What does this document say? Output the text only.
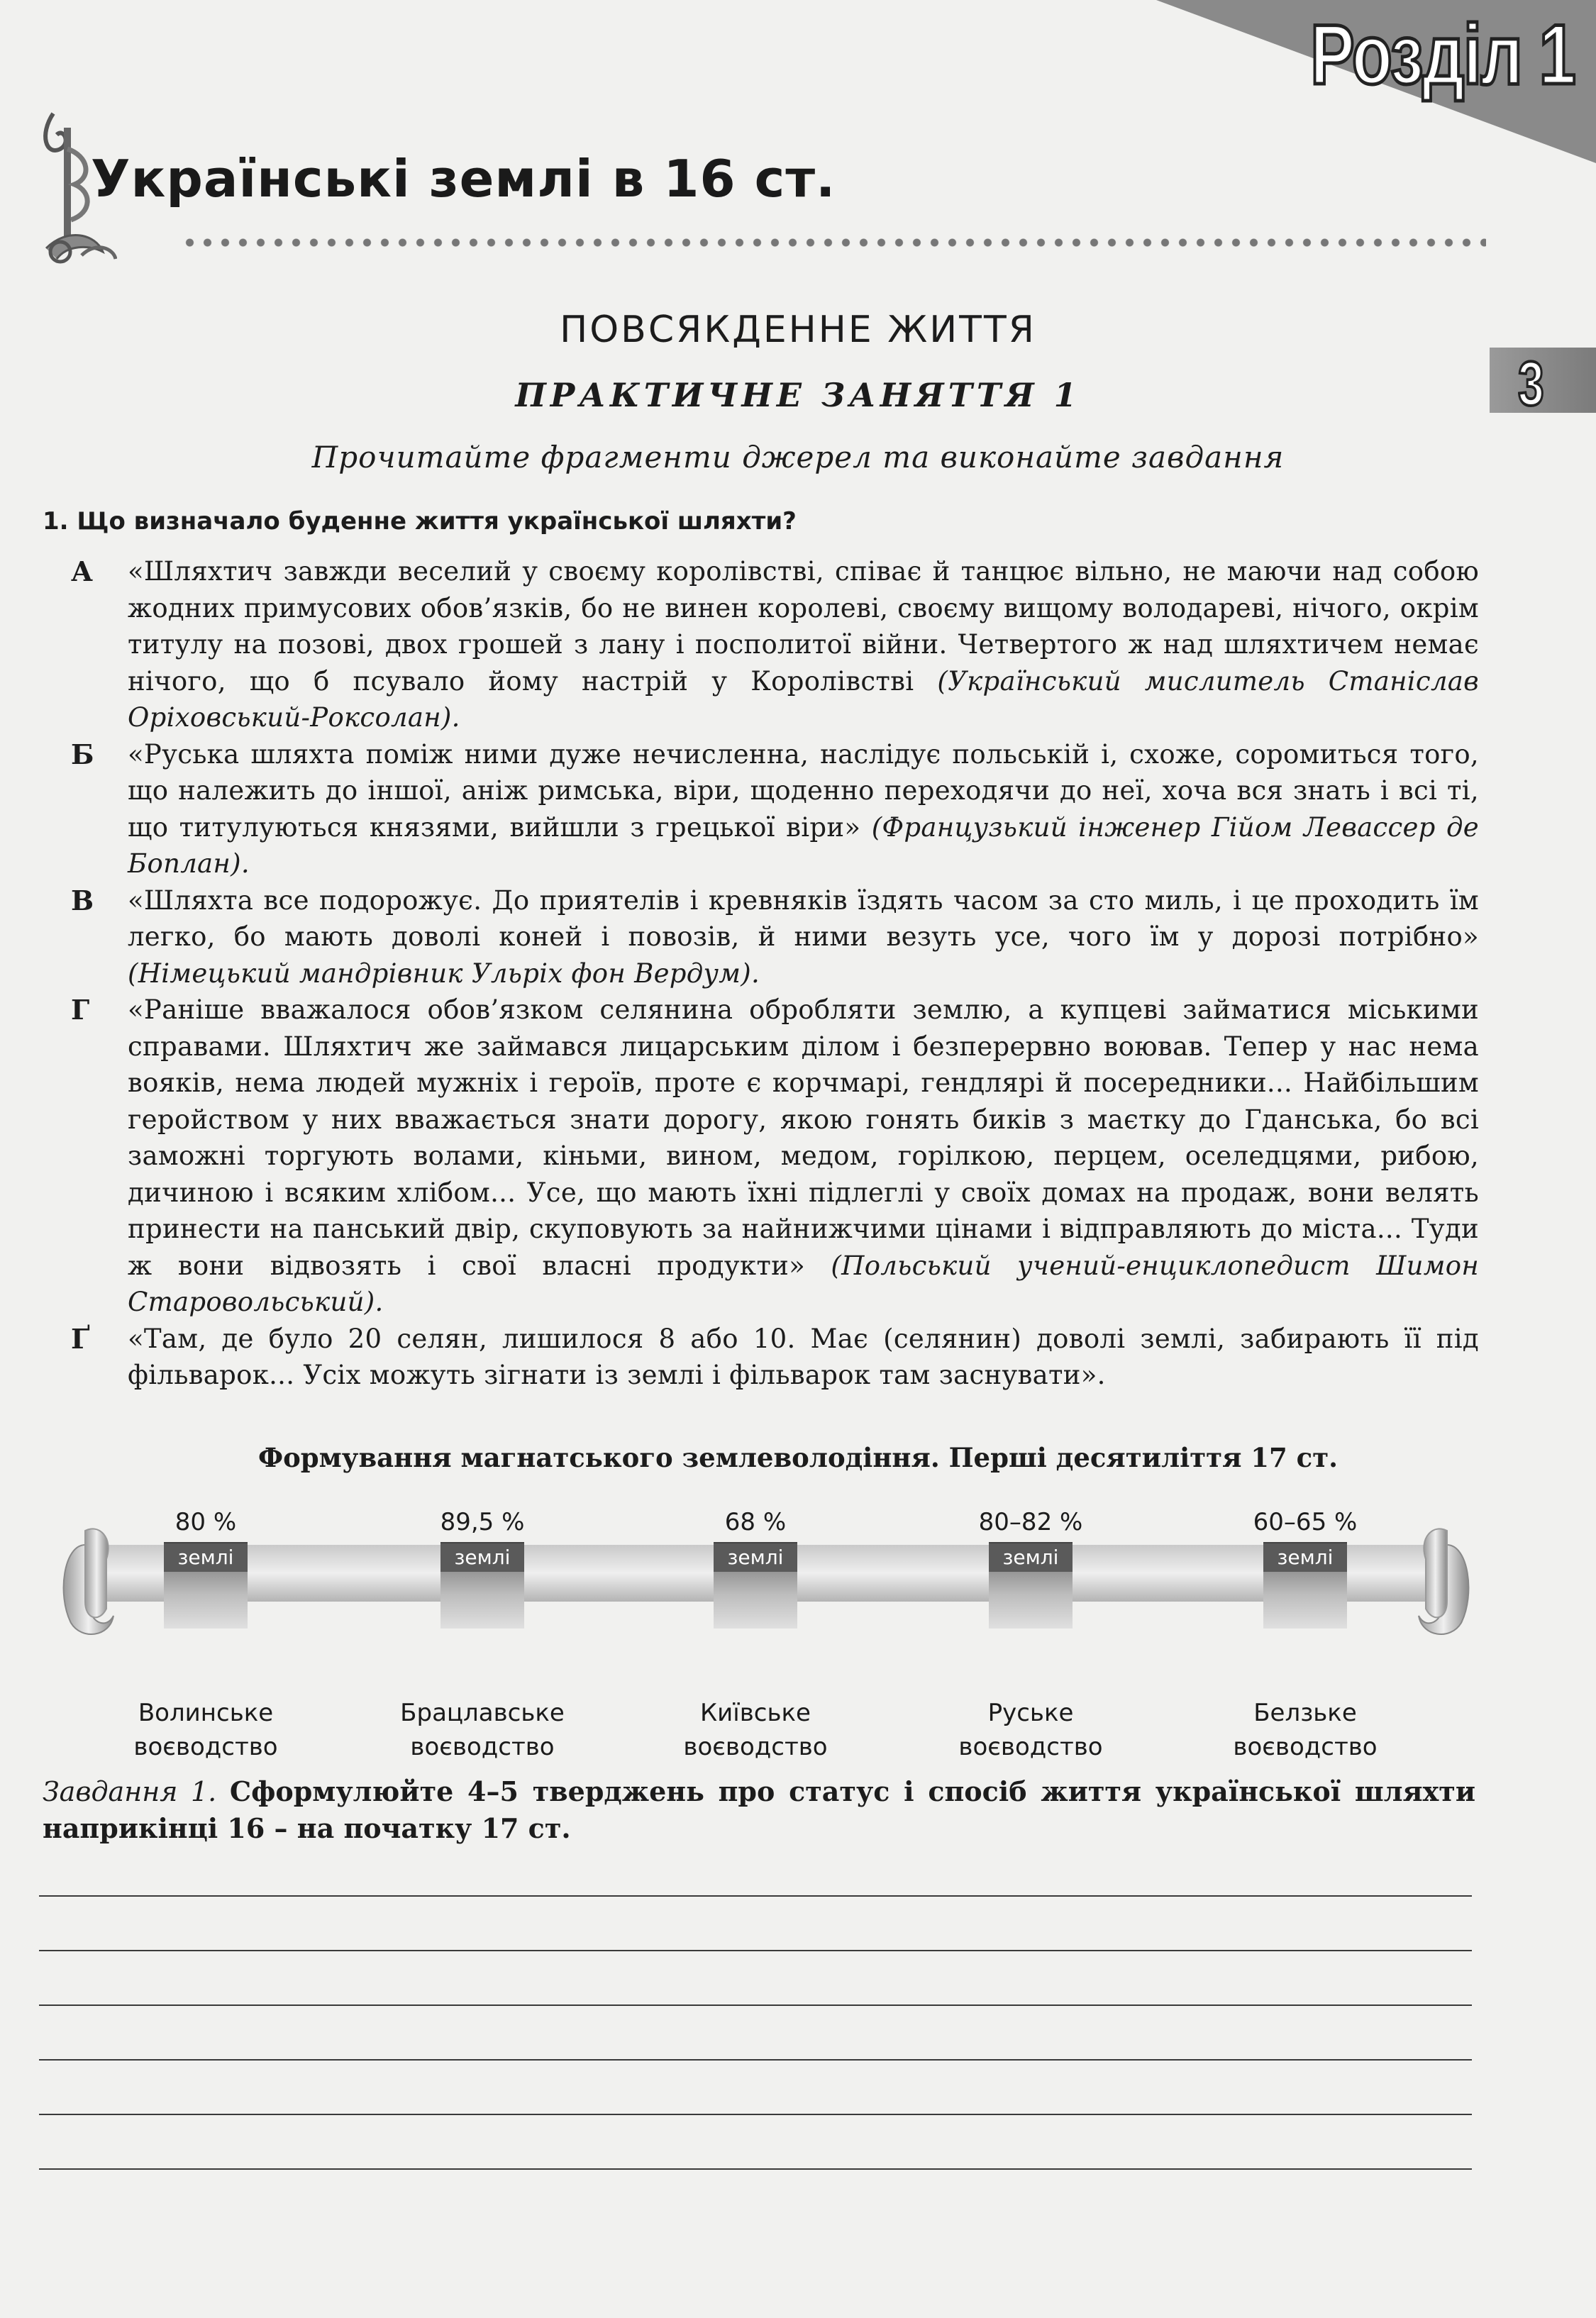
Розділ 1
3
Українські землі в 16 ст.
ПОВСЯКДЕННЕ ЖИТТЯ
ПРАКТИЧНЕ ЗАНЯТТЯ 1
Прочитайте фрагменти джерел та виконайте завдання
1. Що визначало буденне життя української шляхти?
А «Шляхтич завжди веселий у своєму королівстві, співає й танцює вільно, не маючи над собою жодних примусових обов’язків, бо не винен королеві, своєму вищому володареві, нічого, окрім титулу на позові, двох грошей з лану і посполитої війни. Четвертого ж над шляхтичем немає нічого, що б псувало йому настрій у Королівстві (Український мислитель Станіслав Оріховський-Роксолан).

Б «Руська шляхта поміж ними дуже нечисленна, наслідує польській і, схоже, соромиться того, що належить до іншої, аніж римська, віри, щоденно переходячи до неї, хоча вся знать і всі ті, що титулуються князями, вийшли з грецької віри» (Французький інженер Гійом Левассер де Боплан).

В «Шляхта все подорожує. До приятелів і кревняків їздять часом за сто миль, і це проходить їм легко, бо мають доволі коней і повозів, й ними везуть усе, чого їм у дорозі потрібно» (Німецький мандрівник Ульріх фон Вердум).

Г «Раніше вважалося обов’язком селянина обробляти землю, а купцеві займатися міськими справами. Шляхтич же займався лицарським ділом і безперервно воював. Тепер у нас нема вояків, нема людей мужніх і героїв, проте є корчмарі, гендлярі й посередники... Найбільшим геройством у них вважається знати дорогу, якою гонять биків з маєтку до Гданська, бо всі заможні торгують волами, кіньми, вином, медом, горілкою, перцем, оселедцями, рибою, дичиною і всяким хлібом... Усе, що мають їхні підлеглі у своїх домах на продаж, вони велять принести на панський двір, скуповують за найнижчими цінами і відправляють до міста... Туди ж вони відвозять і свої власні продукти» (Польський учений-енциклопедист Шимон Старовольський).

Ґ «Там, де було 20 селян, лишилося 8 або 10. Має (селянин) доволі землі, забирають її під фільварок... Усіх можуть зігнати із землі і фільварок там заснувати».

Формування магнатського землеволодіння. Перші десятиліття 17 ст.
80 %
землі
Волинське
воєводство
89,5 %
землі
Брацлавське
воєводство
68 %
землі
Київське
воєводство
80–82 %
землі
Руське
воєводство
60–65 %
землі
Белзьке
воєводство
Завдання 1. Сформулюйте 4–5 тверджень про статус і спосіб життя української шляхти наприкінці 16 – на початку 17 ст.
